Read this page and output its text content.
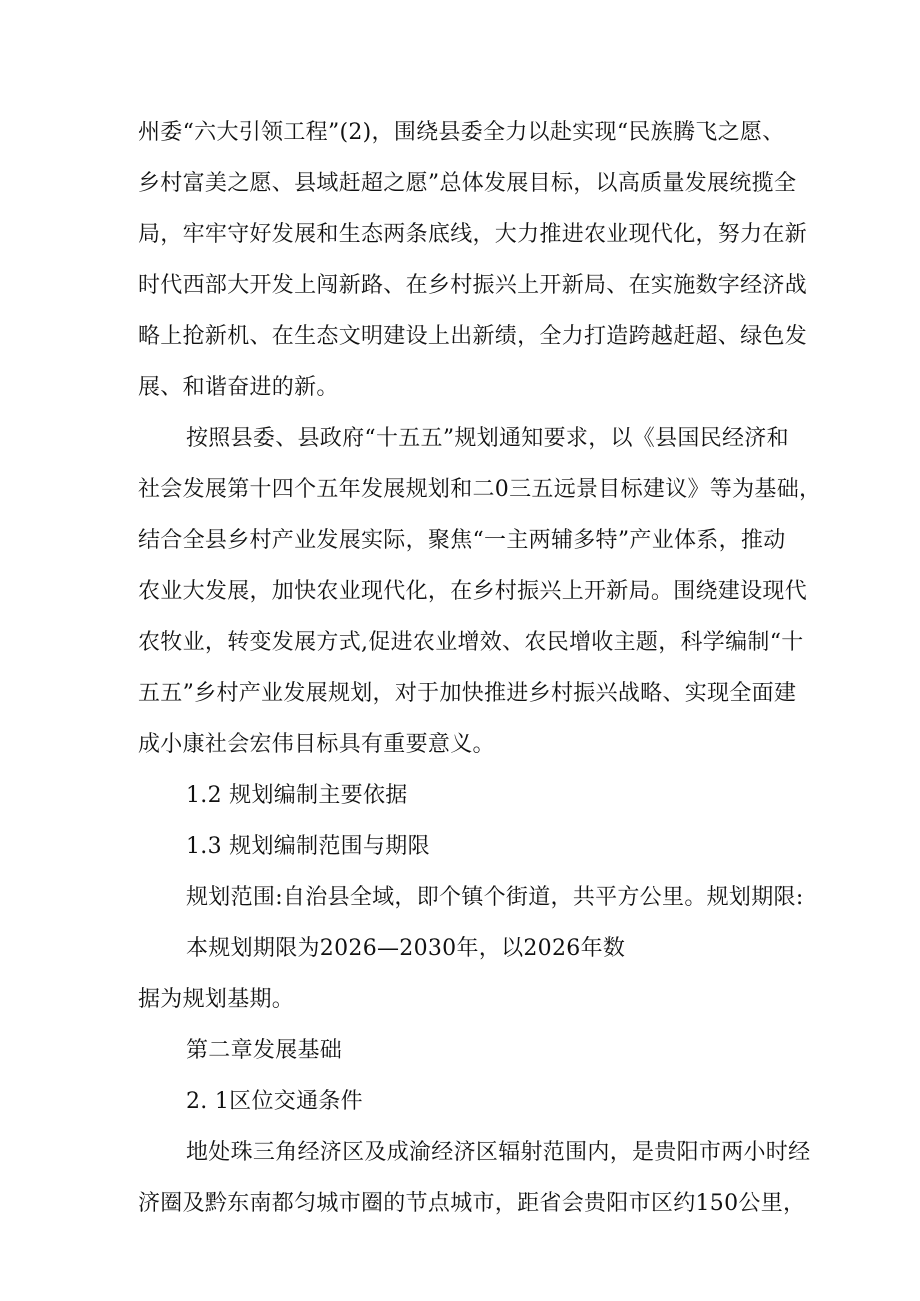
州委“六大引领工程”(2)，围绕县委全力以赴实现“民族腾飞之愿、
乡村富美之愿、县域赶超之愿”总体发展目标，以高质量发展统揽全
局，牢牢守好发展和生态两条底线，大力推进农业现代化，努力在新
时代西部大开发上闯新路、在乡村振兴上开新局、在实施数字经济战
略上抢新机、在生态文明建设上出新绩，全力打造跨越赶超、绿色发
展、和谐奋进的新。
按照县委、县政府“十五五”规划通知要求，以《县国民经济和
社会发展第十四个五年发展规划和二0三五远景目标建议》等为基础，
结合全县乡村产业发展实际，聚焦“一主两辅多特”产业体系，推动
农业大发展，加快农业现代化，在乡村振兴上开新局。围绕建设现代
农牧业，转变发展方式,促进农业增效、农民增收主题，科学编制“十
五五”乡村产业发展规划，对于加快推进乡村振兴战略、实现全面建
成小康社会宏伟目标具有重要意义。
1.2 规划编制主要依据
1.3 规划编制范围与期限
规划范围:自治县全域，即个镇个街道，共平方公里。规划期限:
本规划期限为2026—2030年，以2026年数
据为规划基期。
第二章发展基础
2. 1区位交通条件
地处珠三角经济区及成渝经济区辐射范围内，是贵阳市两小时经
济圈及黔东南都匀城市圈的节点城市，距省会贵阳市区约150公里，
